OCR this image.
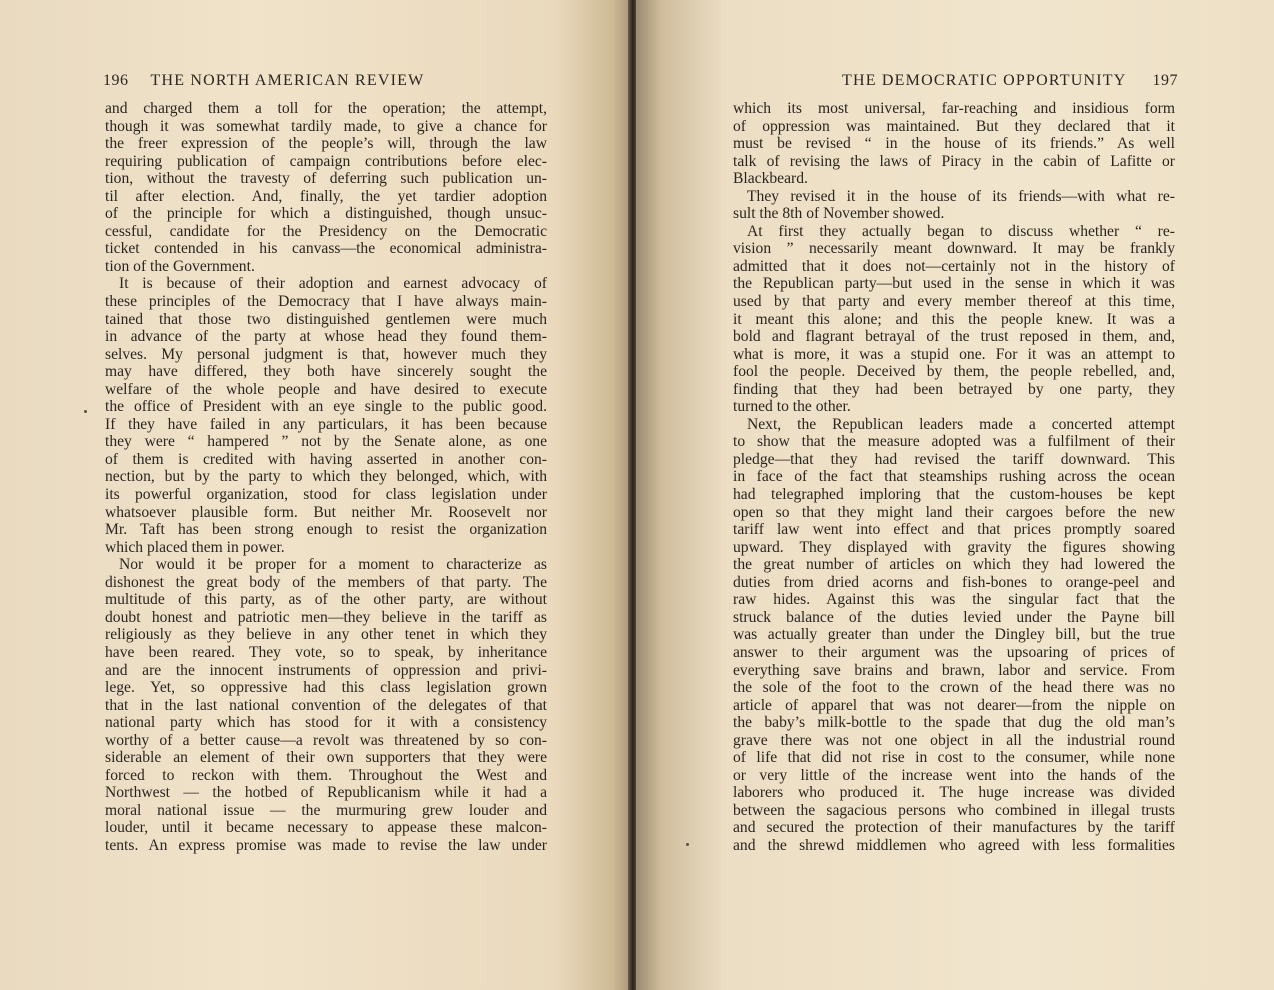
196 THE NORTH AMERICAN REVIEW	THE DEMOCRATIC OPPORTUNITY 197
and charged them a toll for the operation; the attempt,
though it was somewhat tardily made, to give a chance for
the freer expression of the people’s will, through the law
requiring publication of campaign contributions before elec-
tion, without the travesty of deferring such publication un-
til after election. And, finally, the yet tardier adoption
of the principle for which a distinguished, though unsuc-
cessful, candidate for the Presidency on the Democratic
ticket contended in his canvass—the economical administra-
tion of the Government.
It is because of their adoption and earnest advocacy of
these principles of the Democracy that I have always main-
tained that those two distinguished gentlemen were much
in advance of the party at whose head they found them-
selves. My personal judgment is that, however much they
may have differed, they both have sincerely sought the
welfare of the whole people and have desired to execute
the office of President with an eye single to the public good.
If they have failed in any particulars, it has been because
they were “ hampered ” not by the Senate alone, as one
of them is credited with having asserted in another con-
nection, but by the party to which they belonged, which, with
its powerful organization, stood for class legislation under
whatsoever plausible form. But neither Mr. Roosevelt nor
Mr. Taft has been strong enough to resist the organization
which placed them in power.
Nor would it be proper for a moment to characterize as
dishonest the great body of the members of that party. The
multitude of this party, as of the other party, are without
doubt honest and patriotic men—they believe in the tariff as
religiously as they believe in any other tenet in which they
have been reared. They vote, so to speak, by inheritance
and are the innocent instruments of oppression and privi-
lege. Yet, so oppressive had this class legislation grown
that in the last national convention of the delegates of that
national party which has stood for it with a consistency
worthy of a better cause—a revolt was threatened by so con-
siderable an element of their own supporters that they were
forced to reckon with them. Throughout the West and
Northwest — the hotbed of Republicanism while it had a
moral national issue — the murmuring grew louder and
louder, until it became necessary to appease these malcon-
tents. An express promise was made to revise the law under
which its most universal, far-reaching and insidious form
of oppression was maintained. But they declared that it
must be revised “ in the house of its friends.” As well
talk of revising the laws of Piracy in the cabin of Lafitte or
Blackbeard.
They revised it in the house of its friends—with what re-
sult the 8th of November showed.
At first they actually began to discuss whether “ re-
vision ” necessarily meant downward. It may be frankly
admitted that it does not—certainly not in the history of
the Republican party—but used in the sense in which it was
used by that party and every member thereof at this time,
it meant this alone; and this the people knew. It was a
bold and flagrant betrayal of the trust reposed in them, and,
what is more, it was a stupid one. For it was an attempt to
fool the people. Deceived by them, the people rebelled, and,
finding that they had been betrayed by one party, they
turned to the other.
Next, the Republican leaders made a concerted attempt
to show that the measure adopted was a fulfilment of their
pledge—that they had revised the tariff downward. This
in face of the fact that steamships rushing across the ocean
had telegraphed imploring that the custom-houses be kept
open so that they might land their cargoes before the new
tariff law went into effect and that prices promptly soared
upward. They displayed with gravity the figures showing
the great number of articles on which they had lowered the
duties from dried acorns and fish-bones to orange-peel and
raw hides. Against this was the singular fact that the
struck balance of the duties levied under the Payne bill
was actually greater than under the Dingley bill, but the true
answer to their argument was the upsoaring of prices of
everything save brains and brawn, labor and service. From
the sole of the foot to the crown of the head there was no
article of apparel that was not dearer—from the nipple on
the baby’s milk-bottle to the spade that dug the old man’s
grave there was not one object in all the industrial round
of life that did not rise in cost to the consumer, while none
or very little of the increase went into the hands of the
laborers who produced it. The huge increase was divided
between the sagacious persons who combined in illegal trusts
and secured the protection of their manufactures by the tariff
and the shrewd middlemen who agreed with less formalities
